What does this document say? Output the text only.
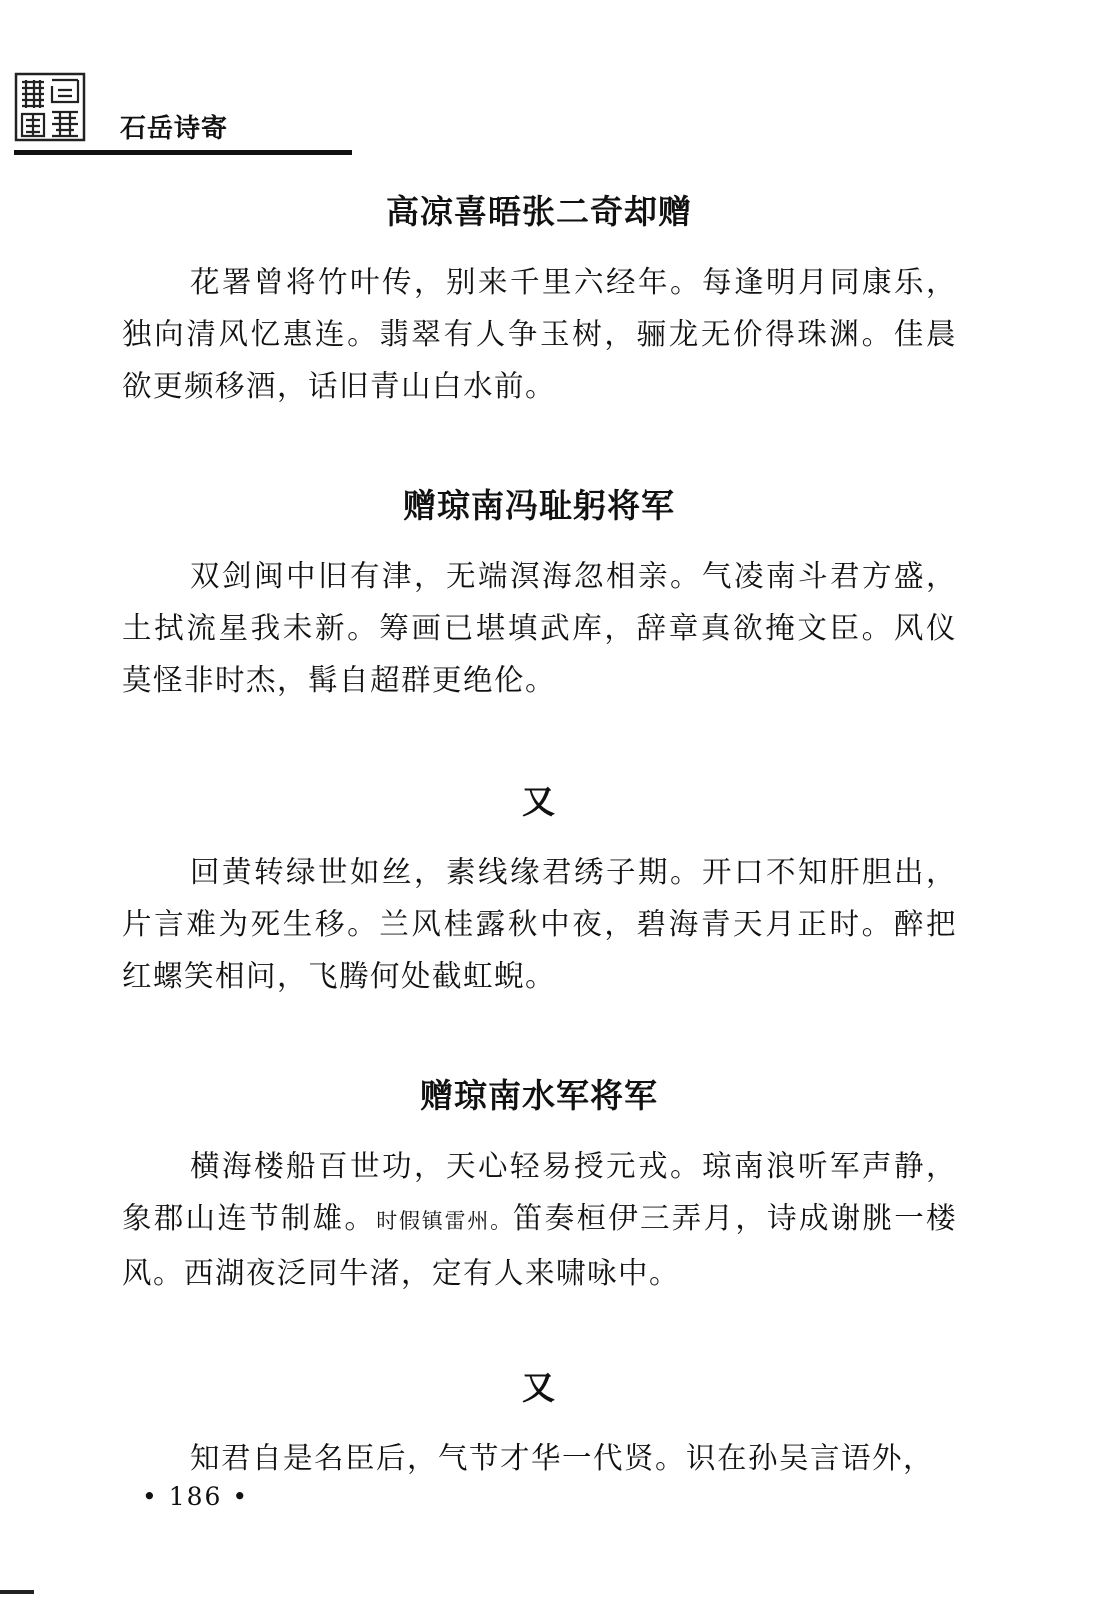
石岳诗寄
高凉喜晤张二奇却赠
花署曾将竹叶传，别来千里六经年。每逢明月同康乐，独向清风忆惠连。翡翠有人争玉树，骊龙无价得珠渊。佳晨欲更频移酒，话旧青山白水前。
赠琼南冯耻躬将军
双剑闽中旧有津，无端溟海忽相亲。气凌南斗君方盛，土拭流星我未新。筹画已堪填武库，辞章真欲掩文臣。风仪莫怪非时杰，髯自超群更绝伦。
又
回黄转绿世如丝，素线缘君绣子期。开口不知肝胆出，片言难为死生移。兰风桂露秋中夜，碧海青天月正时。醉把红螺笑相问，飞腾何处截虹蜺。
赠琼南水军将军
横海楼船百世功，天心轻易授元戎。琼南浪听军声静，象郡山连节制雄。时假镇雷州。笛奏桓伊三弄月，诗成谢朓一楼风。西湖夜泛同牛渚，定有人来啸咏中。
又
知君自是名臣后，气节才华一代贤。识在孙吴言语外，
• 186 •
